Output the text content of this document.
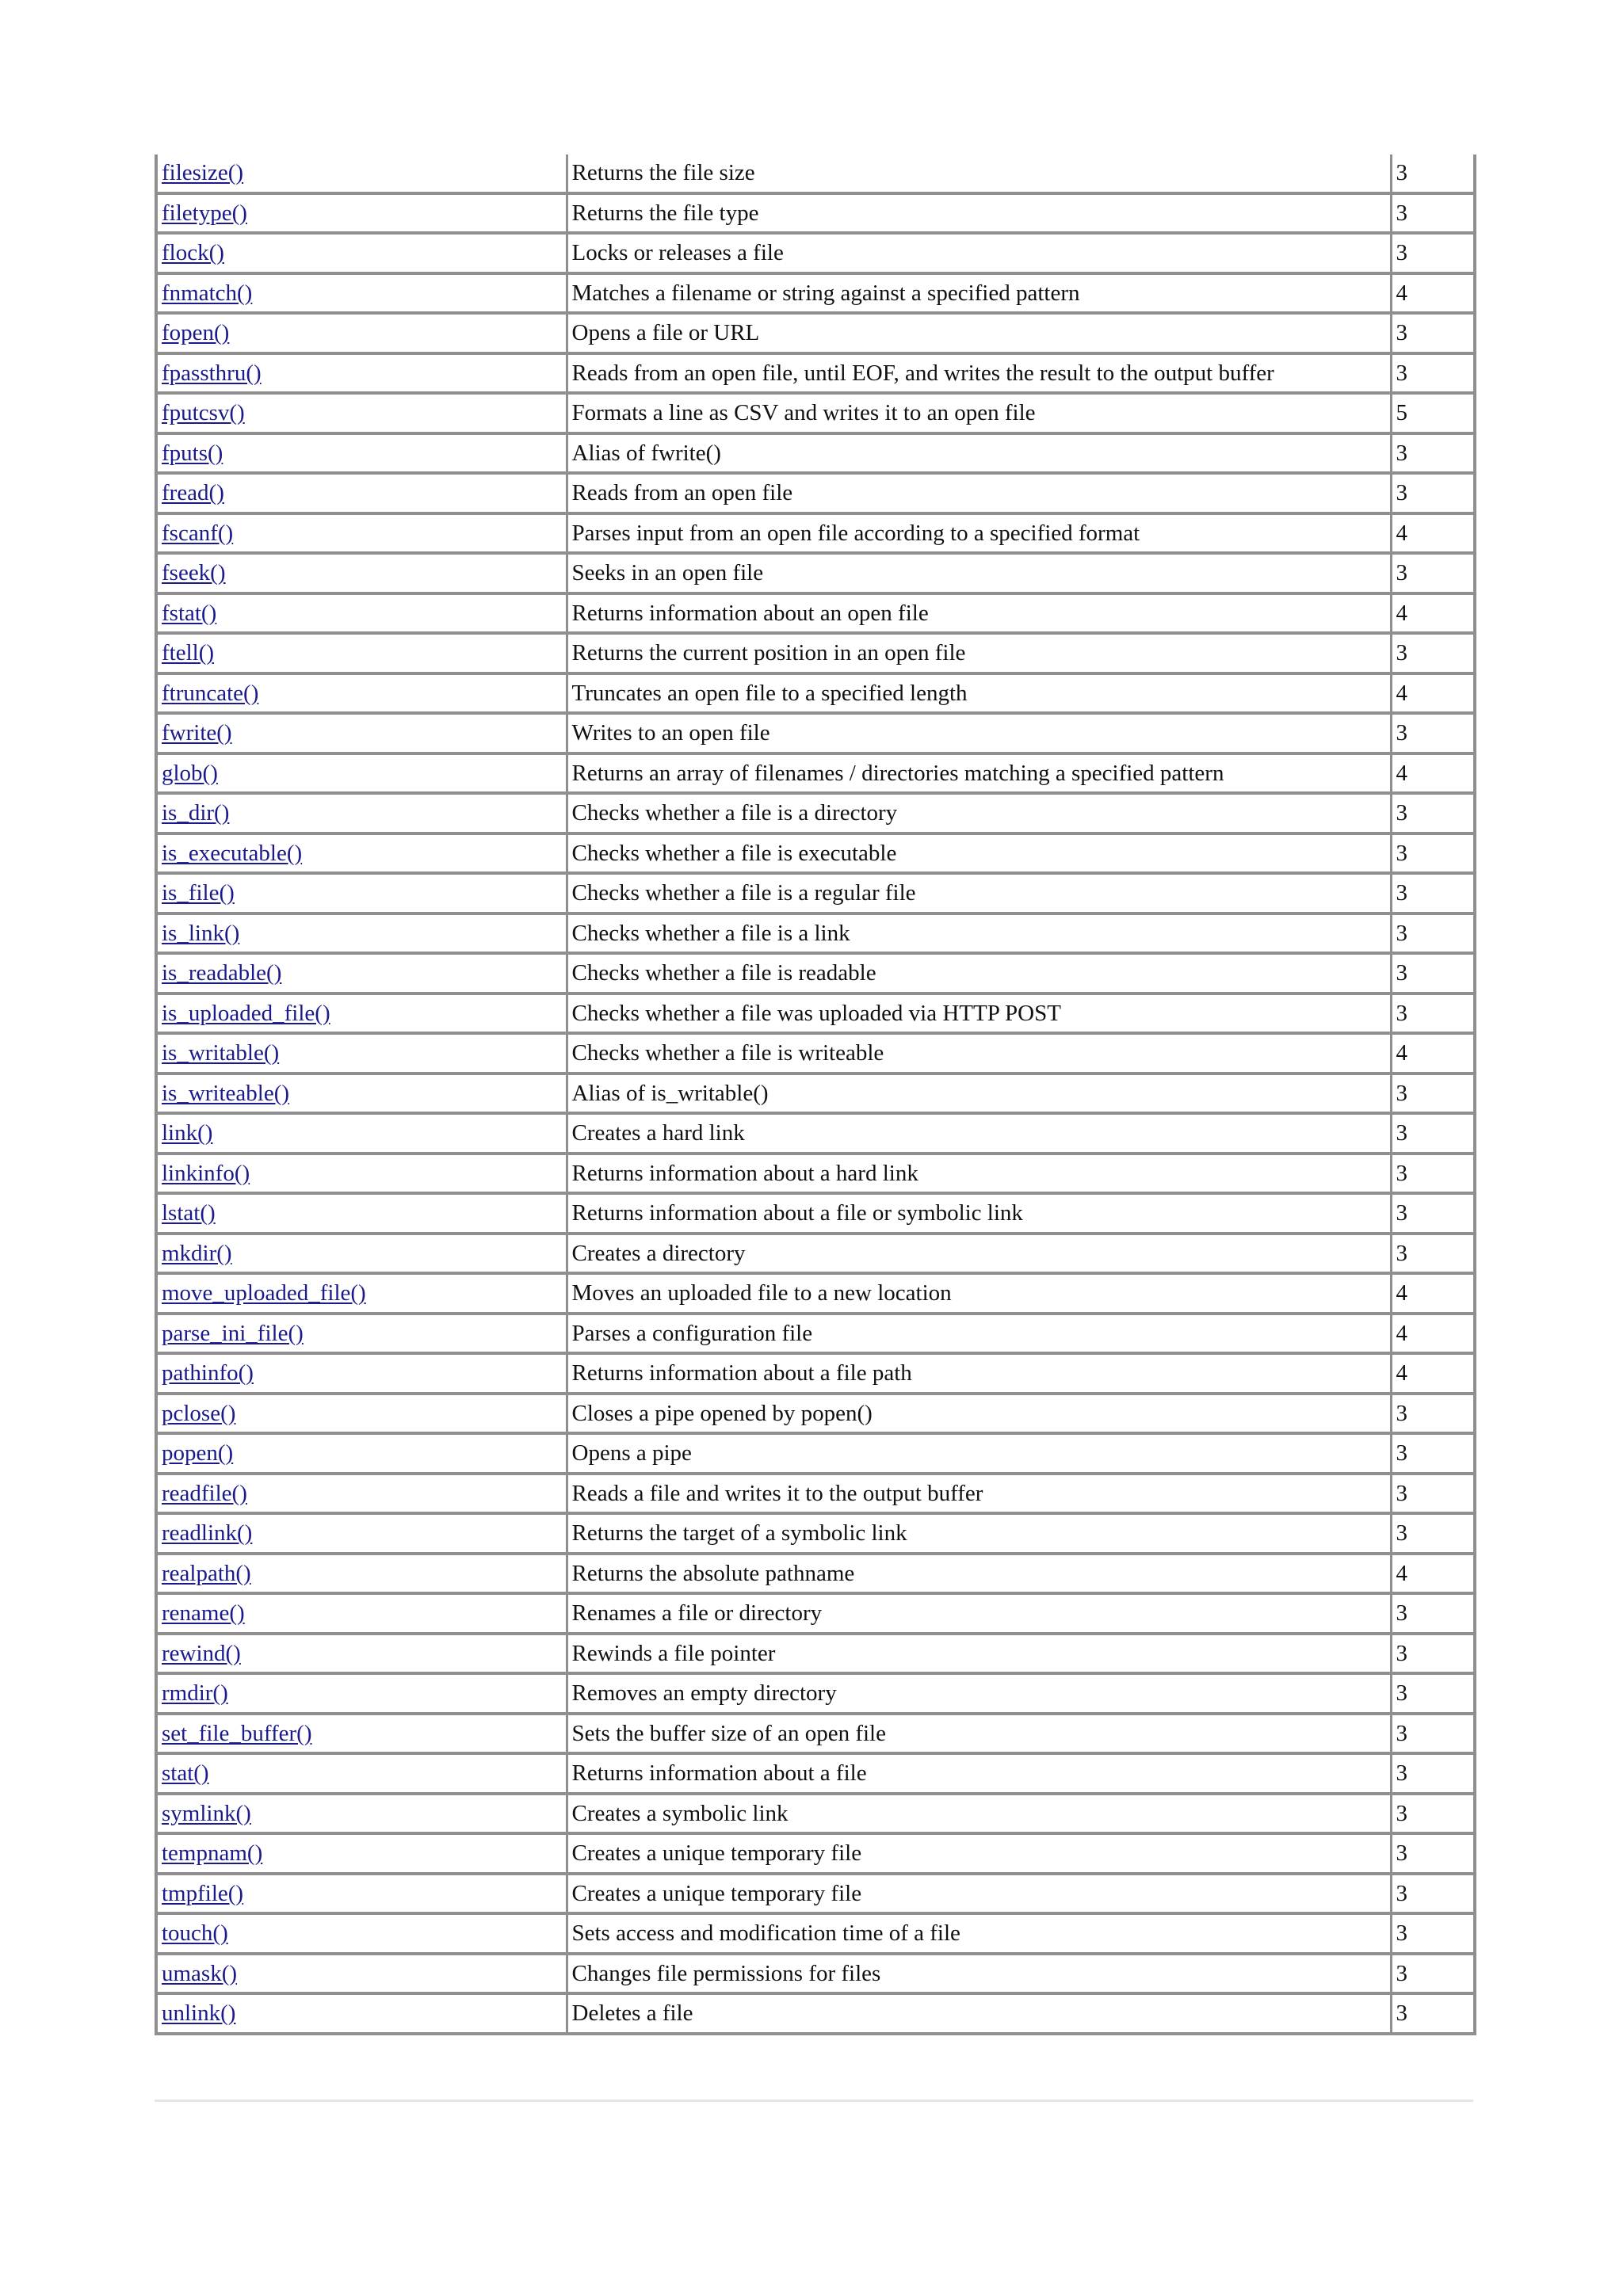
filesize()	Returns the file size	3
filetype()	Returns the file type	3
flock()	Locks or releases a file	3
fnmatch()	Matches a filename or string against a specified pattern	4
fopen()	Opens a file or URL	3
fpassthru()	Reads from an open file, until EOF, and writes the result to the output buffer	3
fputcsv()	Formats a line as CSV and writes it to an open file	5
fputs()	Alias of fwrite()	3
fread()	Reads from an open file	3
fscanf()	Parses input from an open file according to a specified format	4
fseek()	Seeks in an open file	3
fstat()	Returns information about an open file	4
ftell()	Returns the current position in an open file	3
ftruncate()	Truncates an open file to a specified length	4
fwrite()	Writes to an open file	3
glob()	Returns an array of filenames / directories matching a specified pattern	4
is_dir()	Checks whether a file is a directory	3
is_executable()	Checks whether a file is executable	3
is_file()	Checks whether a file is a regular file	3
is_link()	Checks whether a file is a link	3
is_readable()	Checks whether a file is readable	3
is_uploaded_file()	Checks whether a file was uploaded via HTTP POST	3
is_writable()	Checks whether a file is writeable	4
is_writeable()	Alias of is_writable()	3
link()	Creates a hard link	3
linkinfo()	Returns information about a hard link	3
lstat()	Returns information about a file or symbolic link	3
mkdir()	Creates a directory	3
move_uploaded_file()	Moves an uploaded file to a new location	4
parse_ini_file()	Parses a configuration file	4
pathinfo()	Returns information about a file path	4
pclose()	Closes a pipe opened by popen()	3
popen()	Opens a pipe	3
readfile()	Reads a file and writes it to the output buffer	3
readlink()	Returns the target of a symbolic link	3
realpath()	Returns the absolute pathname	4
rename()	Renames a file or directory	3
rewind()	Rewinds a file pointer	3
rmdir()	Removes an empty directory	3
set_file_buffer()	Sets the buffer size of an open file	3
stat()	Returns information about a file	3
symlink()	Creates a symbolic link	3
tempnam()	Creates a unique temporary file	3
tmpfile()	Creates a unique temporary file	3
touch()	Sets access and modification time of a file	3
umask()	Changes file permissions for files	3
unlink()	Deletes a file	3
